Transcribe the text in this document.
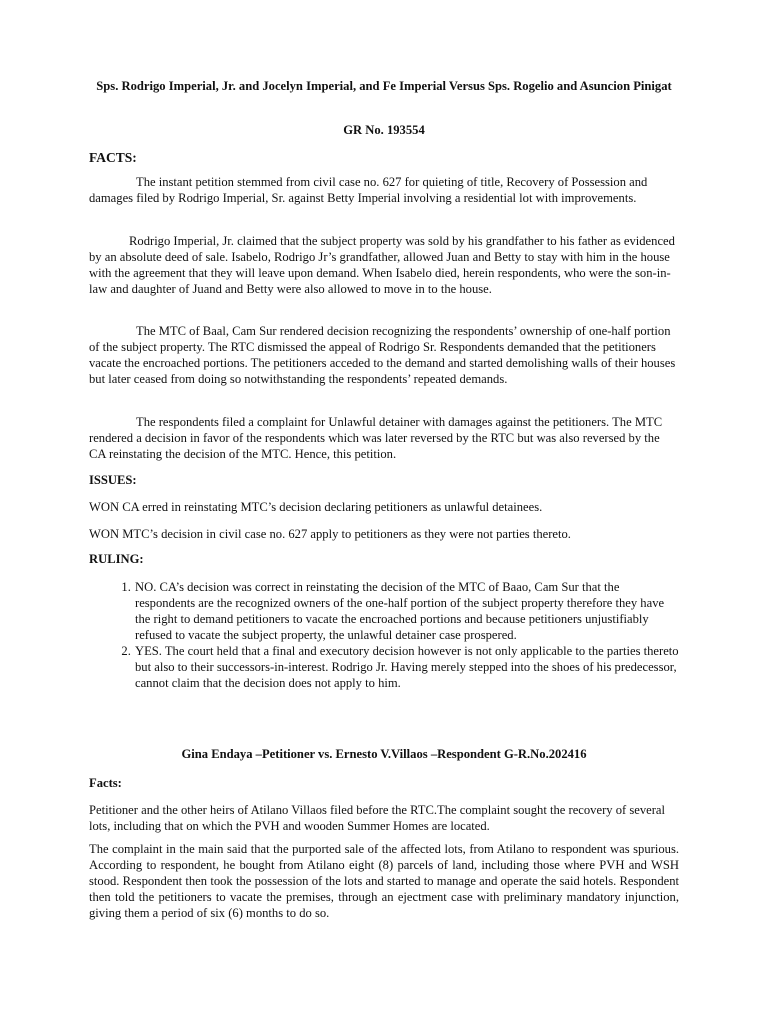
Sps. Rodrigo Imperial, Jr. and Jocelyn Imperial, and Fe Imperial Versus Sps. Rogelio and Asuncion Pinigat

GR No. 193554

FACTS:

The instant petition stemmed from civil case no. 627 for quieting of title, Recovery of Possession and damages filed by Rodrigo Imperial, Sr. against Betty Imperial involving a residential lot with improvements.

Rodrigo Imperial, Jr. claimed that the subject property was sold by his grandfather to his father as evidenced by an absolute deed of sale. Isabelo, Rodrigo Jr’s grandfather, allowed Juan and Betty to stay with him in the house with the agreement that they will leave upon demand. When Isabelo died, herein respondents, who were the son-in-law and daughter of Juand and Betty were also allowed to move in to the house.

The MTC of Baal, Cam Sur rendered decision recognizing the respondents’ ownership of one-half portion of the subject property. The RTC dismissed the appeal of Rodrigo Sr. Respondents demanded that the petitioners vacate the encroached portions. The petitioners acceded to the demand and started demolishing walls of their houses but later ceased from doing so notwithstanding the respondents’ repeated demands.

The respondents filed a complaint for Unlawful detainer with damages against the petitioners. The MTC rendered a decision in favor of the respondents which was later reversed by the RTC but was also reversed by the CA reinstating the decision of the MTC. Hence, this petition.

ISSUES:

WON CA erred in reinstating MTC’s decision declaring petitioners as unlawful detainees.

WON MTC’s decision in civil case no. 627 apply to petitioners as they were not parties thereto.

RULING:

1. NO. CA’s decision was correct in reinstating the decision of the MTC of Baao, Cam Sur that the respondents are the recognized owners of the one-half portion of the subject property therefore they have the right to demand petitioners to vacate the encroached portions and because petitioners unjustifiably refused to vacate the subject property, the unlawful detainer case prospered.
2. YES. The court held that a final and executory decision however is not only applicable to the parties thereto but also to their successors-in-interest. Rodrigo Jr. Having merely stepped into the shoes of his predecessor, cannot claim that the decision does not apply to him.

Gina Endaya –Petitioner vs. Ernesto V.Villaos –Respondent G-R.No.202416

Facts:

Petitioner and the other heirs of Atilano Villaos filed before the RTC.The complaint sought the recovery of several lots, including that on which the PVH and wooden Summer Homes are located.

The complaint in the main said that the purported sale of the affected lots, from Atilano to respondent was spurious. According to respondent, he bought from Atilano eight (8) parcels of land, including those where PVH and WSH stood. Respondent then took the possession of the lots and started to manage and operate the said hotels. Respondent then told the petitioners to vacate the premises, through an ejectment case with preliminary mandatory injunction, giving them a period of six (6) months to do so.
